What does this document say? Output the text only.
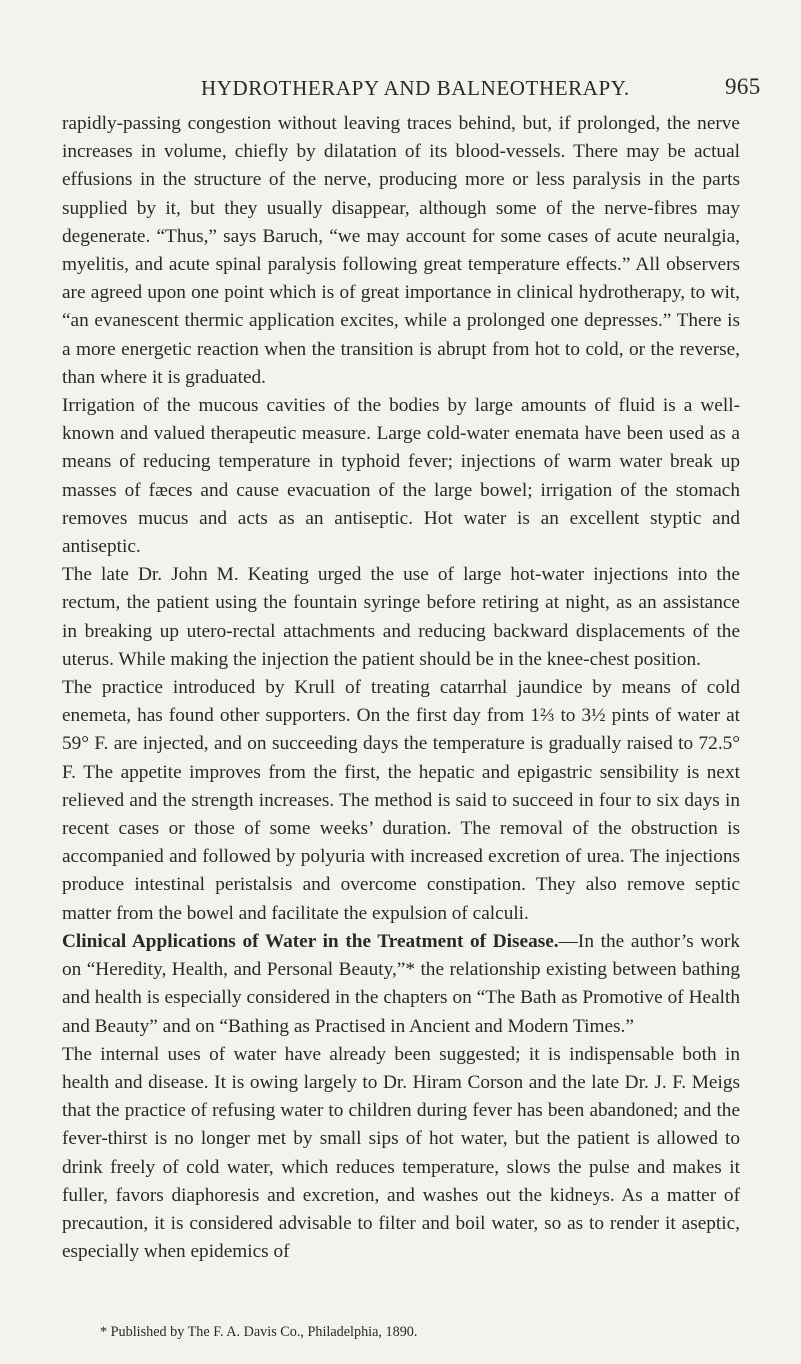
HYDROTHERAPY AND BALNEOTHERAPY.	965

rapidly-passing congestion without leaving traces behind, but, if prolonged, the nerve increases in volume, chiefly by dilatation of its blood-vessels. There may be actual effusions in the structure of the nerve, producing more or less paralysis in the parts supplied by it, but they usually disappear, although some of the nerve-fibres may degenerate. “Thus,” says Baruch, “we may account for some cases of acute neuralgia, myelitis, and acute spinal paralysis following great temperature effects.” All observers are agreed upon one point which is of great importance in clinical hydrotherapy, to wit, “an evanescent thermic application excites, while a prolonged one depresses.” There is a more energetic reaction when the transition is abrupt from hot to cold, or the reverse, than where it is graduated.

Irrigation of the mucous cavities of the bodies by large amounts of fluid is a well-known and valued therapeutic measure. Large cold-water enemata have been used as a means of reducing temperature in typhoid fever; injections of warm water break up masses of fæces and cause evacuation of the large bowel; irrigation of the stomach removes mucus and acts as an antiseptic. Hot water is an excellent styptic and antiseptic.

The late Dr. John M. Keating urged the use of large hot-water injections into the rectum, the patient using the fountain syringe before retiring at night, as an assistance in breaking up utero-rectal attachments and reducing backward displacements of the uterus. While making the injection the patient should be in the knee-chest position.

The practice introduced by Krull of treating catarrhal jaundice by means of cold enemeta, has found other supporters. On the first day from 1⅔ to 3½ pints of water at 59° F. are injected, and on succeeding days the temperature is gradually raised to 72.5° F. The appetite improves from the first, the hepatic and epigastric sensibility is next relieved and the strength increases. The method is said to succeed in four to six days in recent cases or those of some weeks’ duration. The removal of the obstruction is accompanied and followed by polyuria with increased excretion of urea. The injections produce intestinal peristalsis and overcome constipation. They also remove septic matter from the bowel and facilitate the expulsion of calculi.

Clinical Applications of Water in the Treatment of Disease.—In the author’s work on “Heredity, Health, and Personal Beauty,”* the relationship existing between bathing and health is especially considered in the chapters on “The Bath as Promotive of Health and Beauty” and on “Bathing as Practised in Ancient and Modern Times.”

The internal uses of water have already been suggested; it is indispensable both in health and disease. It is owing largely to Dr. Hiram Corson and the late Dr. J. F. Meigs that the practice of refusing water to children during fever has been abandoned; and the fever-thirst is no longer met by small sips of hot water, but the patient is allowed to drink freely of cold water, which reduces temperature, slows the pulse and makes it fuller, favors diaphoresis and excretion, and washes out the kidneys. As a matter of precaution, it is considered advisable to filter and boil water, so as to render it aseptic, especially when epidemics of

* Published by The F. A. Davis Co., Philadelphia, 1890.
